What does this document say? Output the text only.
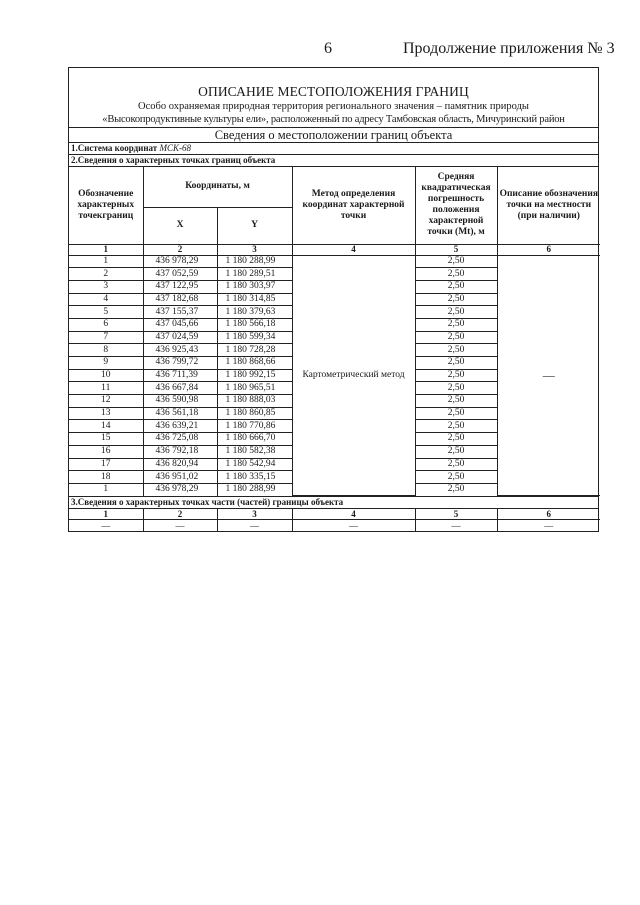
6	Продолжение приложения № 3
ОПИСАНИЕ МЕСТОПОЛОЖЕНИЯ ГРАНИЦ
Особо охраняемая природная территория регионального значения – памятник природы
«Высокопродуктивные культуры ели», расположенный по адресу Тамбовская область, Мичуринский район
Сведения о местоположении границ объекта
1.Система координат МСК-68
2.Сведения о характерных точках границ объекта
Обозначение характерных точекграниц	Координаты, м		Метод определения координат характерной точки	Средняя квадратическая погрешность положения характерной точки (Mt), м	Описание обозначения точки на местности (при наличии)
	X	Y			
1	2	3	4	5	6
1	436 978,29	1 180 288,99	Картометрический метод	2,50	—
2	437 052,59	1 180 289,51		2,50	
3	437 122,95	1 180 303,97		2,50	
4	437 182,68	1 180 314,85		2,50	
5	437 155,37	1 180 379,63		2,50	
6	437 045,66	1 180 566,18		2,50	
7	437 024,59	1 180 599,34		2,50	
8	436 925,43	1 180 728,28		2,50	
9	436 799,72	1 180 868,66		2,50	
10	436 711,39	1 180 992,15		2,50	
11	436 667,84	1 180 965,51		2,50	
12	436 590,98	1 180 888,03		2,50	
13	436 561,18	1 180 860,85		2,50	
14	436 639,21	1 180 770,86		2,50	
15	436 725,08	1 180 666,70		2,50	
16	436 792,18	1 180 582,38		2,50	
17	436 820,94	1 180 542,94		2,50	
18	436 951,02	1 180 335,15		2,50	
1	436 978,29	1 180 288,99		2,50	
3.Сведения о характерных точках части (частей) границы объекта
1	2	3	4	5	6
—	—	—	—	—	—
